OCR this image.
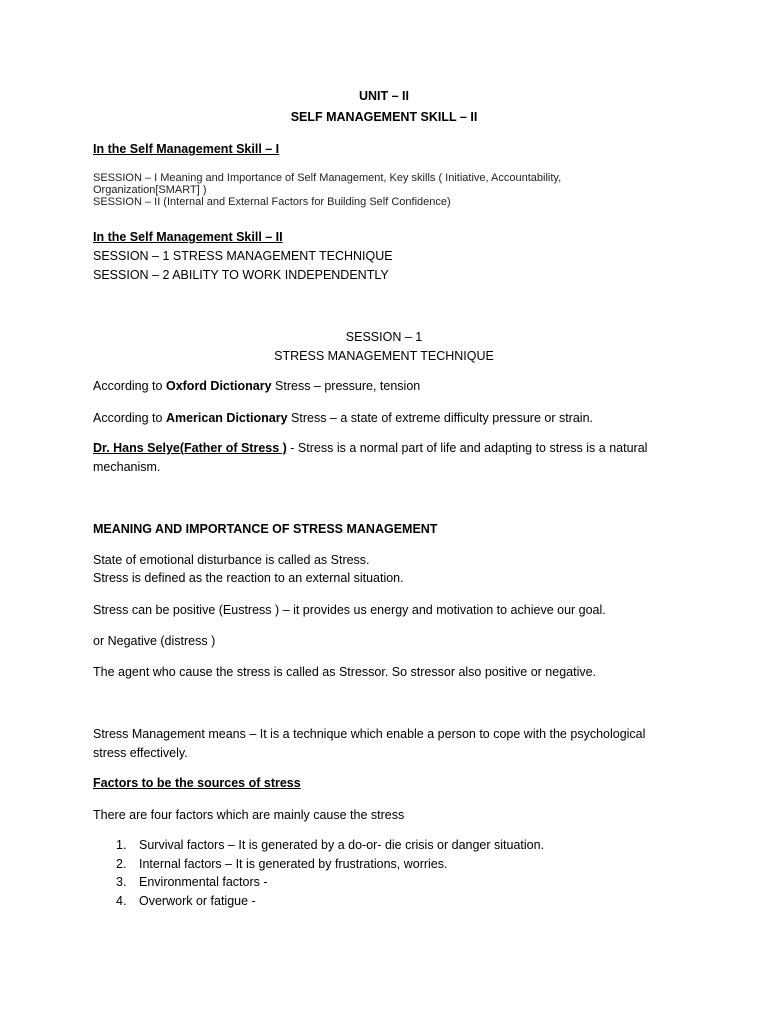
UNIT – II
SELF MANAGEMENT SKILL – II
In the Self Management Skill – I
SESSION – I Meaning and Importance of Self Management, Key skills ( Initiative, Accountability,
Organization[SMART] )
SESSION – II (Internal and External Factors for Building Self Confidence)
In the Self Management Skill – II
SESSION – 1 STRESS MANAGEMENT TECHNIQUE
SESSION – 2 ABILITY TO WORK INDEPENDENTLY
SESSION – 1
STRESS MANAGEMENT TECHNIQUE
According to Oxford Dictionary Stress – pressure, tension
According to American Dictionary Stress – a state of extreme difficulty pressure or strain.
Dr. Hans Selye(Father of Stress ) - Stress is a normal part of life and adapting to stress is a natural
mechanism.
MEANING AND IMPORTANCE OF STRESS MANAGEMENT
State of emotional disturbance is called as Stress.
Stress is defined as the reaction to an external situation.
Stress can be positive (Eustress ) – it provides us energy and motivation to achieve our goal.
or Negative (distress )
The agent who cause the stress is called as Stressor. So stressor also positive or negative.
Stress Management means – It is a technique which enable a person to cope with the psychological
stress effectively.
Factors to be the sources of stress
There are four factors which are mainly cause the stress
1. Survival factors – It is generated by a do-or- die crisis or danger situation.
2. Internal factors – It is generated by frustrations, worries.
3. Environmental factors -
4. Overwork or fatigue -
